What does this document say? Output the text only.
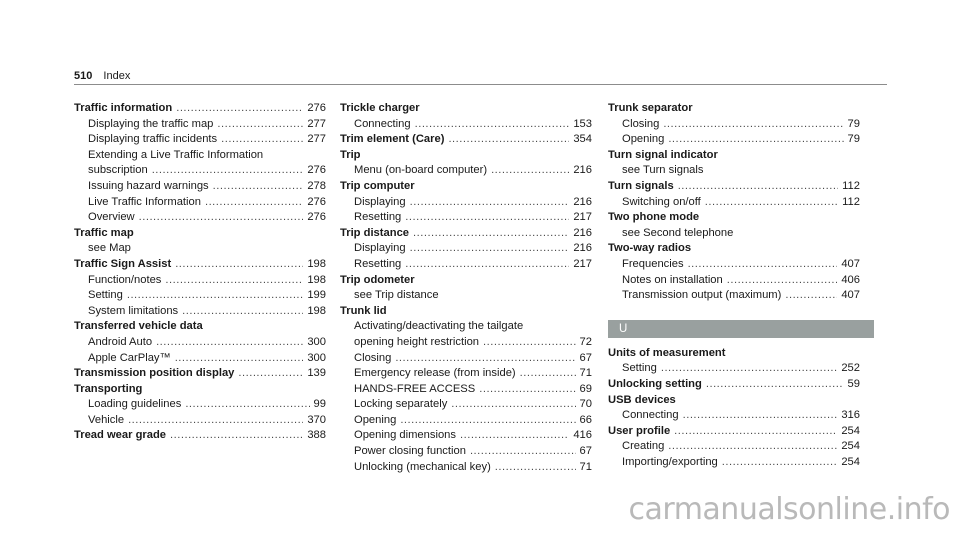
510 Index
Traffic information .....	276
Displaying the traffic map .....	277
Displaying traffic incidents .....	277
Extending a Live Traffic Information
subscription .....	276
Issuing hazard warnings .....	278
Live Traffic Information .....	276
Overview .....	276
Traffic map
see Map
Traffic Sign Assist .....	198
Function/notes .....	198
Setting .....	199
System limitations .....	198
Transferred vehicle data
Android Auto .....	300
Apple CarPlay™ .....	300
Transmission position display .....	139
Transporting
Loading guidelines .....	99
Vehicle .....	370
Tread wear grade .....	388
Trickle charger
Connecting .....	153
Trim element (Care) .....	354
Trip
Menu (on-board computer) .....	216
Trip computer
Displaying .....	216
Resetting .....	217
Trip distance .....	216
Displaying .....	216
Resetting .....	217
Trip odometer
see Trip distance
Trunk lid
Activating/deactivating the tailgate
opening height restriction .....	72
Closing .....	67
Emergency release (from inside) .....	71
HANDS-FREE ACCESS .....	69
Locking separately .....	70
Opening .....	66
Opening dimensions .....	416
Power closing function .....	67
Unlocking (mechanical key) .....	71
Trunk separator
Closing .....	79
Opening .....	79
Turn signal indicator
see Turn signals
Turn signals .....	112
Switching on/off .....	112
Two phone mode
see Second telephone
Two-way radios
Frequencies .....	407
Notes on installation .....	406
Transmission output (maximum) .....	407
U
Units of measurement
Setting .....	252
Unlocking setting .....	59
USB devices
Connecting .....	316
User profile .....	254
Creating .....	254
Importing/exporting .....	254
carmanualsonline.info
